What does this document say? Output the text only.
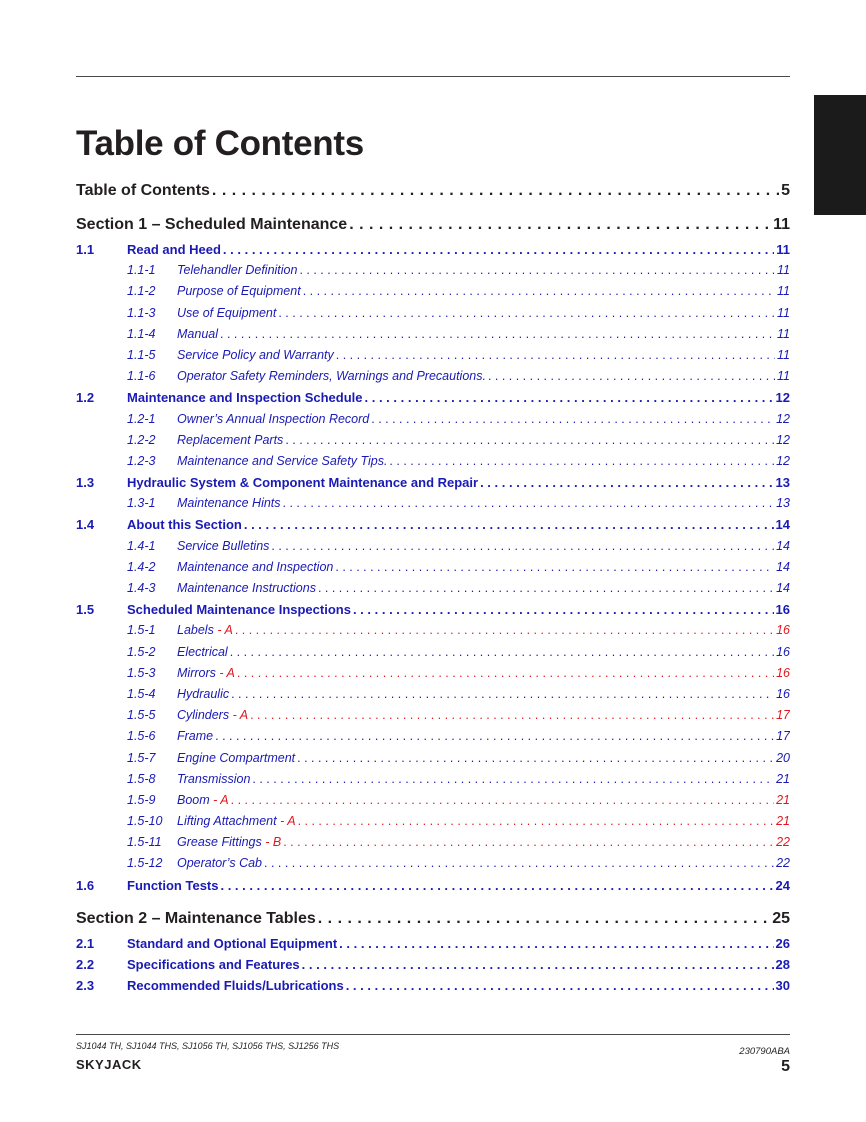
Table of Contents
Table of Contents . . .	5
Section 1 – Scheduled Maintenance . . .	11
1.1	Read and Heed . . .	11
1.1-1	Telehandler Definition . . .	11
1.1-2	Purpose of Equipment . . .	11
1.1-3	Use of Equipment . . .	11
1.1-4	Manual . . .	11
1.1-5	Service Policy and Warranty . . .	11
1.1-6	Operator Safety Reminders, Warnings and Precautions. . . .	11
1.2	Maintenance and Inspection Schedule . . .	12
1.2-1	Owner’s Annual Inspection Record . . .	12
1.2-2	Replacement Parts . . .	12
1.2-3	Maintenance and Service Safety Tips. . . .	12
1.3	Hydraulic System & Component Maintenance and Repair . . .	13
1.3-1	Maintenance Hints . . .	13
1.4	About this Section . . .	14
1.4-1	Service Bulletins . . .	14
1.4-2	Maintenance and Inspection . . .	14
1.4-3	Maintenance Instructions . . .	14
1.5	Scheduled Maintenance Inspections . . .	16
1.5-1	Labels - A . . .	16
1.5-2	Electrical . . .	16
1.5-3	Mirrors - A . . .	16
1.5-4	Hydraulic . . .	16
1.5-5	Cylinders - A . . .	17
1.5-6	Frame . . .	17
1.5-7	Engine Compartment . . .	20
1.5-8	Transmission . . .	21
1.5-9	Boom - A . . .	21
1.5-10	Lifting Attachment - A . . .	21
1.5-11	Grease Fittings - B . . .	22
1.5-12	Operator’s Cab . . .	22
1.6	Function Tests . . .	24
Section 2 – Maintenance Tables . . .	25
2.1	Standard and Optional Equipment . . .	26
2.2	Specifications and Features . . .	28
2.3	Recommended Fluids/Lubrications . . .	30
SJ1044 TH, SJ1044 THS, SJ1056 TH, SJ1056 THS, SJ1256 THS
SKYJACK
230790ABA
5
